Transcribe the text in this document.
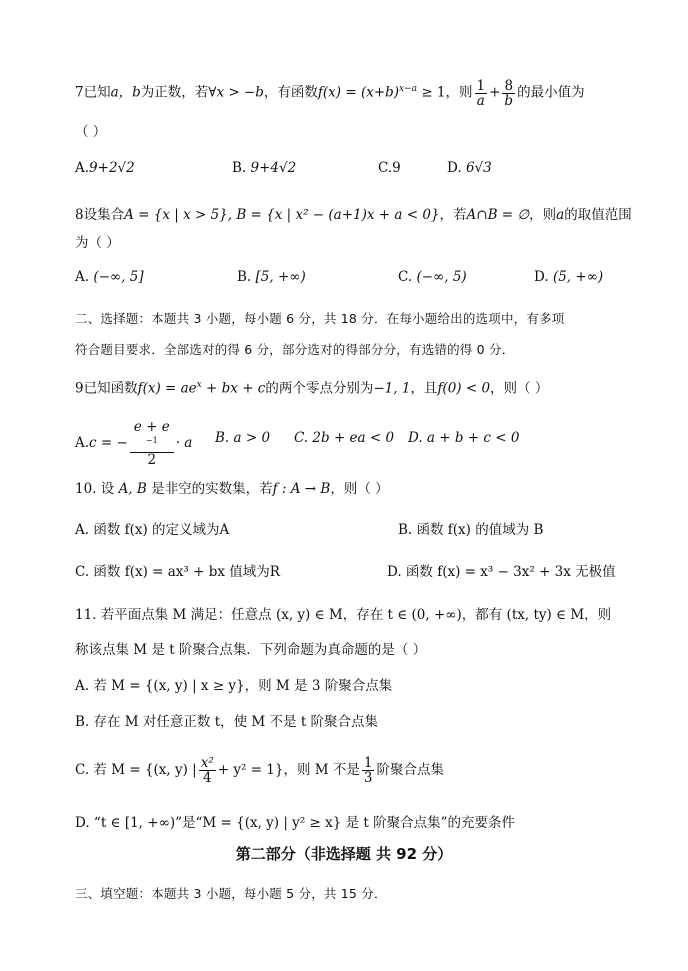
7已知a，b为正数，若∀x > −b，有函数$f(x) = (x+b)^{x-a} \ge 1$，则 $\frac{1}{a} + \frac{8}{b}$ 的最小值为
（ ）
A.9+2√2	B. 9+4√2	C.9	D. 6√3
8设集合A = {x | x > 5}, B = {x | x² − (a+1)x + a < 0}，若A∩B = ∅，则a的取值范围
为（ ）
A. (−∞, 5]	B. [5, +∞)	C. (−∞, 5)	D. (5, +∞)
二、选择题：本题共 3 小题，每小题 6 分，共 18 分．在每小题给出的选项中，有多项
符合题目要求．全部选对的得 6 分，部分选对的得部分分，有选错的得 0 分．
9已知函数$f(x) = ae^x$ + bx + c的两个零点分别为−1, 1，且f(0) < 0，则（ ）
A.c = − e + e
$^{-1}$
2 · a B. a > 0 C. 2b + ea < 0 D. a + b + c < 0
10. 设 A, B 是非空的实数集，若f : A → B，则（ ）
A. 函数 f(x) 的定义域为A	B. 函数 f(x) 的值域为 B
C. 函数 f(x) = ax³ + bx 值域为R	D. 函数 f(x) = x³ − 3x² + 3x 无极值
11. 若平面点集 M 满足：任意点 (x, y) ∈ M，存在 t ∈ (0, +∞)，都有 (tx, ty) ∈ M，则
称该点集 M 是 t 阶聚合点集．下列命题为真命题的是（ ）
A. 若 M = {(x, y) | x ≥ y}，则 M 是 3 阶聚合点集
B. 存在 M 对任意正数 t，使 M 不是 t 阶聚合点集
C. 若 M = {(x, y) | $\frac{\text{x²}}{4} + y^2 = 1$}，则 M 不是 $\frac{1}{3}$ 阶聚合点集
D. “t ∈ [1, +∞)”是“M = {(x, y) | y² ≥ x} 是 t 阶聚合点集”的充要条件
第二部分（非选择题 共 92 分）
三、填空题：本题共 3 小题，每小题 5 分，共 15 分．
